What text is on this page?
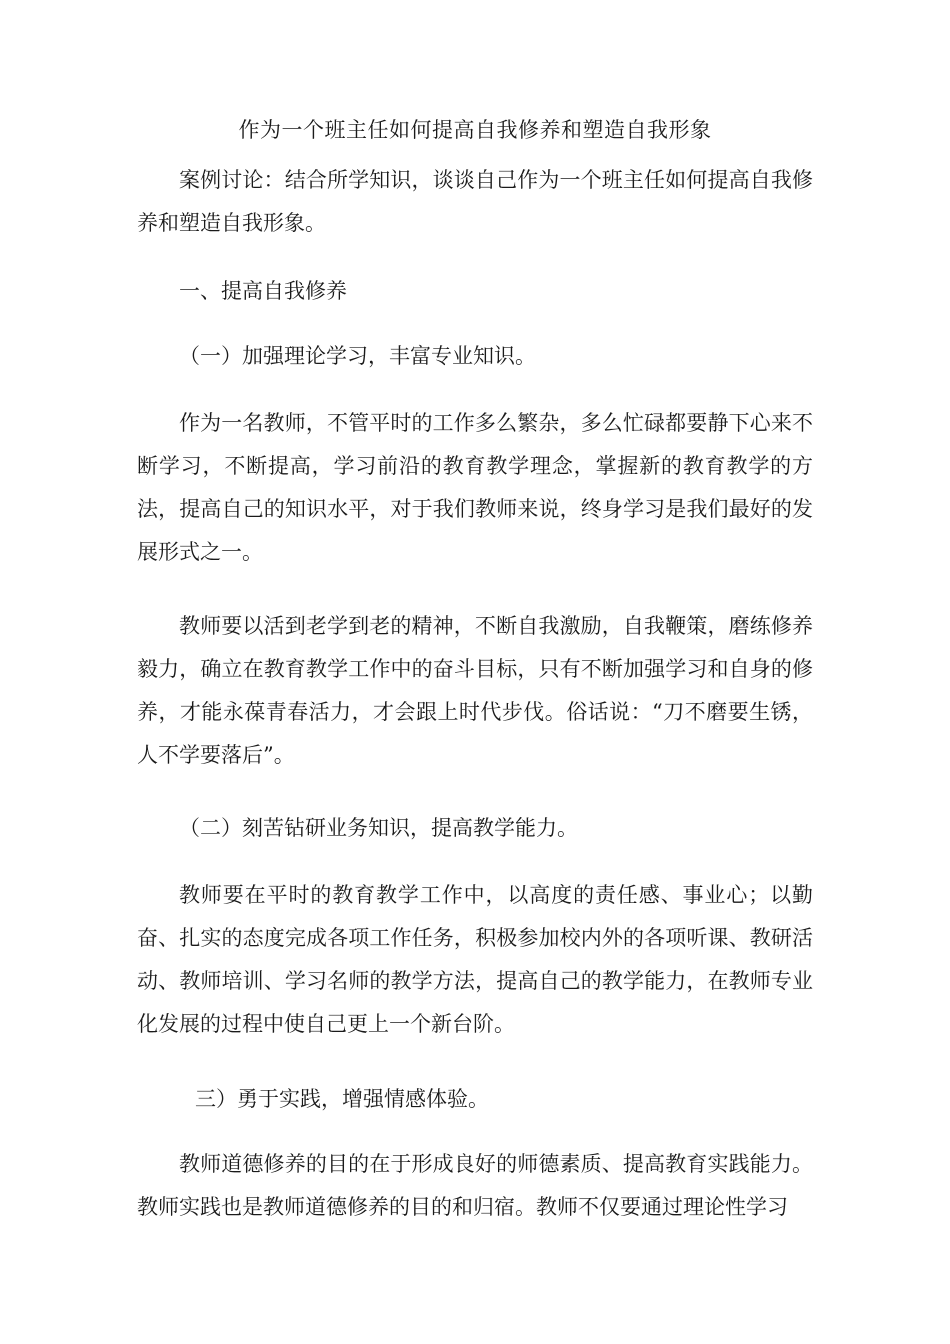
作为一个班主任如何提高自我修养和塑造自我形象

案例讨论：结合所学知识，谈谈自己作为一个班主任如何提高自我修养和塑造自我形象。

一、提高自我修养

（一）加强理论学习，丰富专业知识。

作为一名教师，不管平时的工作多么繁杂，多么忙碌都要静下心来不断学习，不断提高，学习前沿的教育教学理念，掌握新的教育教学的方法，提高自己的知识水平，对于我们教师来说，终身学习是我们最好的发展形式之一。

教师要以活到老学到老的精神，不断自我激励，自我鞭策，磨练修养毅力，确立在教育教学工作中的奋斗目标，只有不断加强学习和自身的修养，才能永葆青春活力，才会跟上时代步伐。俗话说：“刀不磨要生锈，人不学要落后”。

（二）刻苦钻研业务知识，提高教学能力。

教师要在平时的教育教学工作中，以高度的责任感、事业心；以勤奋、扎实的态度完成各项工作任务，积极参加校内外的各项听课、教研活动、教师培训、学习名师的教学方法，提高自己的教学能力，在教师专业化发展的过程中使自己更上一个新台阶。

三）勇于实践，增强情感体验。

教师道德修养的目的在于形成良好的师德素质、提高教育实践能力。教师实践也是教师道德修养的目的和归宿。教师不仅要通过理论性学习
